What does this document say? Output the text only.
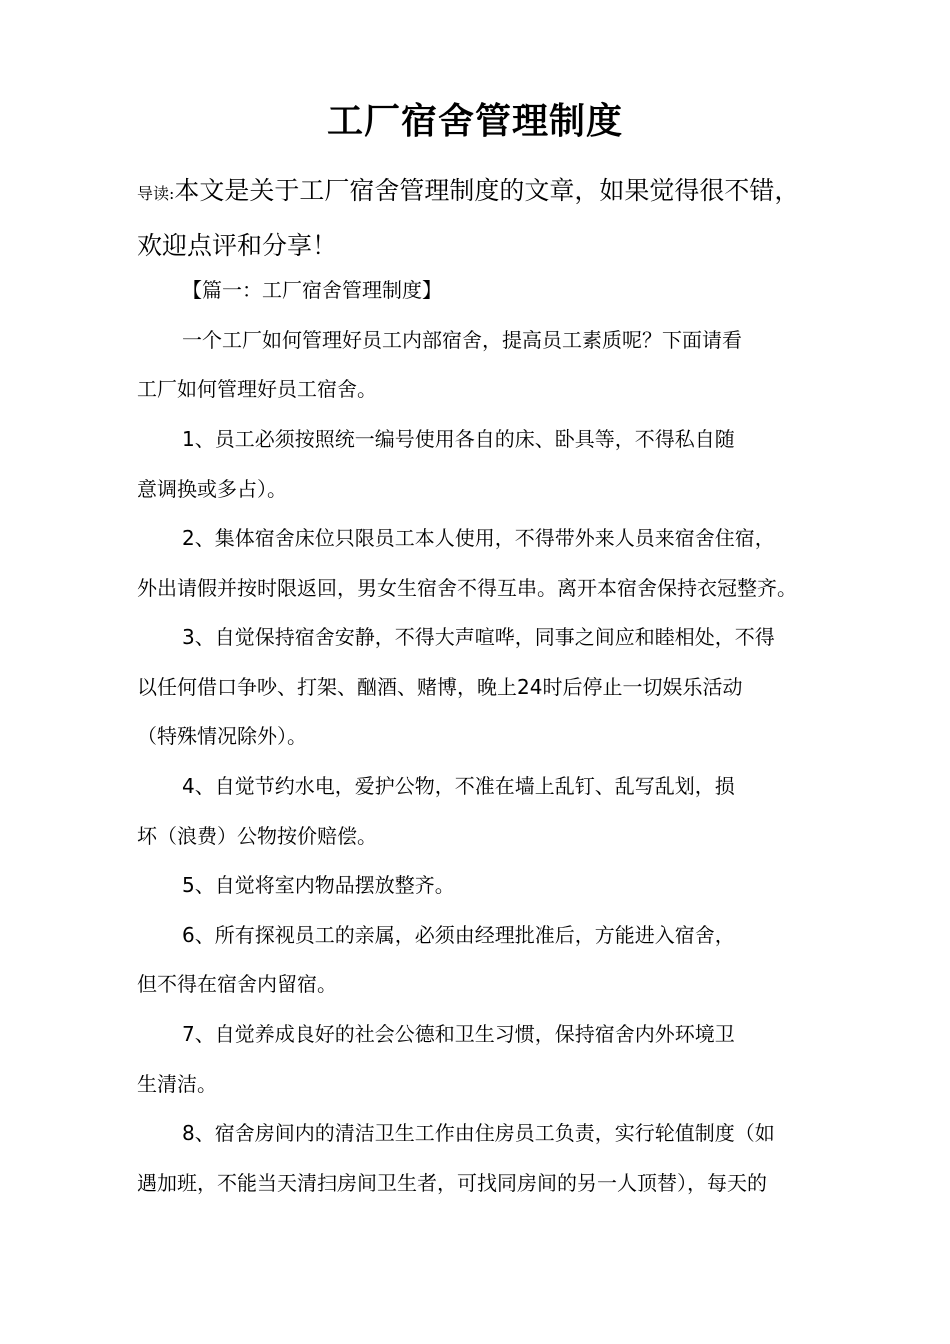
工厂宿舍管理制度
导读:本文是关于工厂宿舍管理制度的文章，如果觉得很不错，
欢迎点评和分享！
【篇一：工厂宿舍管理制度】
一个工厂如何管理好员工内部宿舍，提高员工素质呢？下面请看
工厂如何管理好员工宿舍。
1、员工必须按照统一编号使用各自的床、卧具等，不得私自随
意调换或多占）。
2、集体宿舍床位只限员工本人使用，不得带外来人员来宿舍住宿，
外出请假并按时限返回，男女生宿舍不得互串。离开本宿舍保持衣冠整齐。
3、自觉保持宿舍安静，不得大声喧哗，同事之间应和睦相处，不得
以任何借口争吵、打架、酗酒、赌博，晚上24时后停止一切娱乐活动
（特殊情况除外）。
4、自觉节约水电，爱护公物，不准在墙上乱钉、乱写乱划，损
坏（浪费）公物按价赔偿。
5、自觉将室内物品摆放整齐。
6、所有探视员工的亲属，必须由经理批准后，方能进入宿舍，
但不得在宿舍内留宿。
7、自觉养成良好的社会公德和卫生习惯，保持宿舍内外环境卫
生清洁。
8、宿舍房间内的清洁卫生工作由住房员工负责，实行轮值制度（如
遇加班，不能当天清扫房间卫生者，可找同房间的另一人顶替），每天的
